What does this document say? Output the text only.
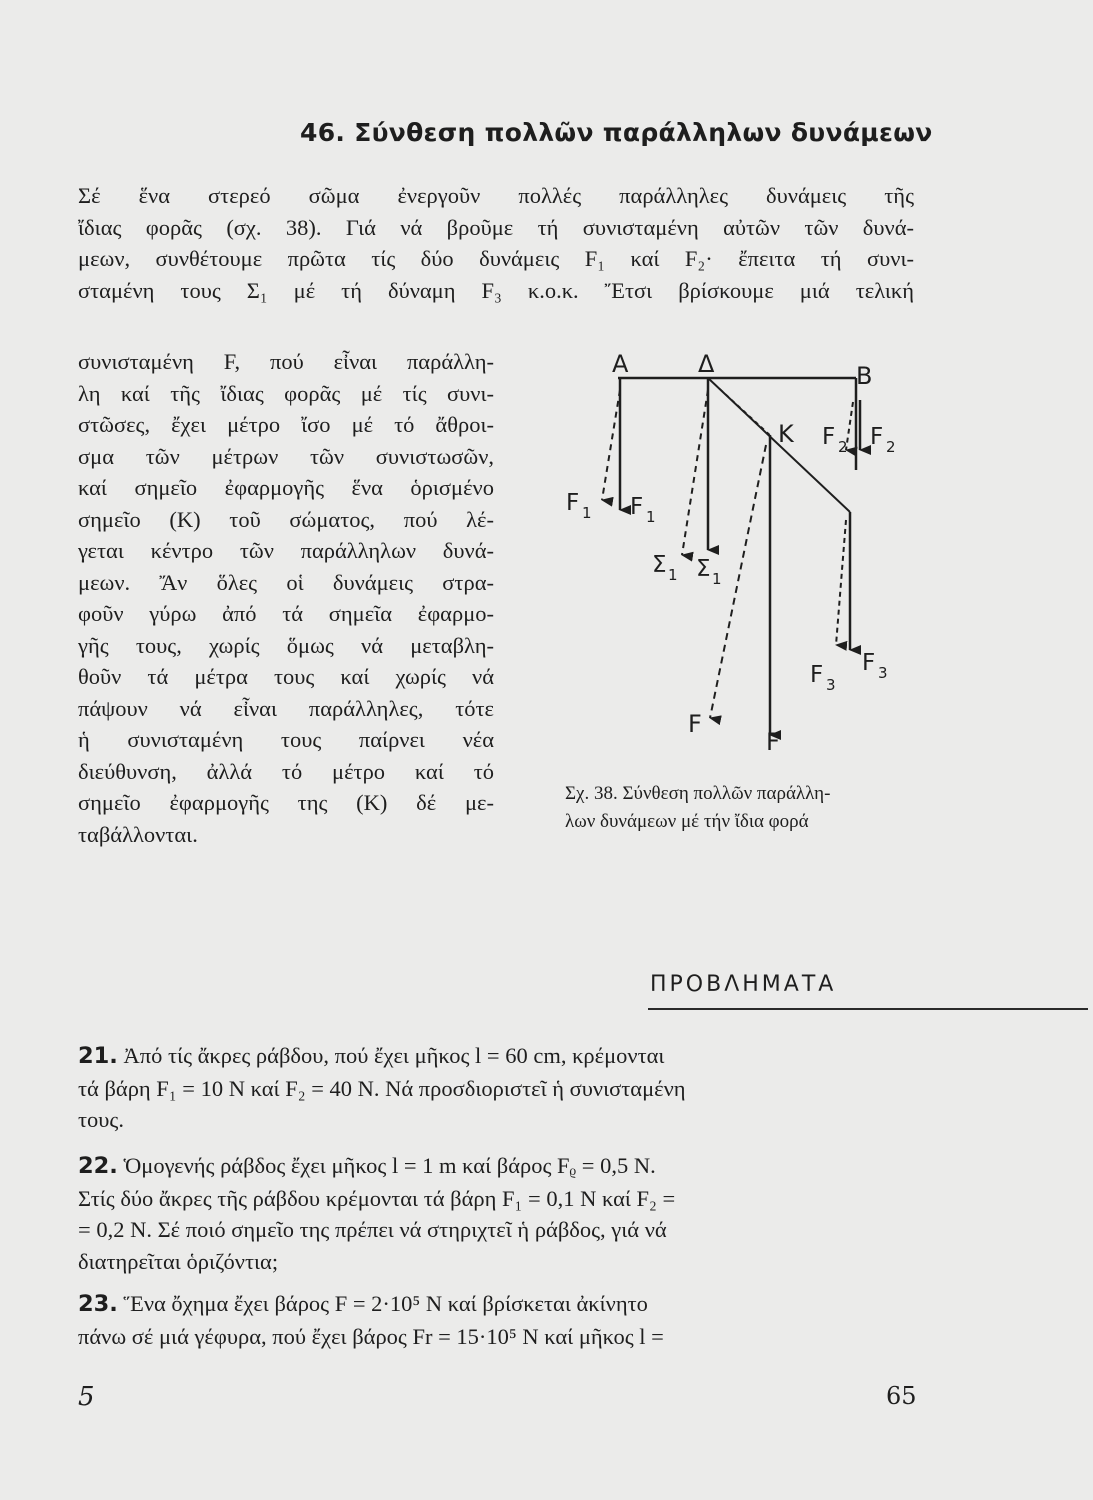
46. Σύνθεση πολλῶν παράλληλων δυνάμεων
Σέ ἕνα στερεό σῶμα ἐνεργοῦν πολλές παράλληλες δυνάμεις τῆς
ἴδιας φορᾶς (σχ. 38). Γιά νά βροῦμε τή συνισταμένη αὐτῶν τῶν δυνά-
μεων, συνθέτουμε πρῶτα τίς δύο δυνάμεις F₁ καί F₂· ἔπειτα τή συνι-
σταμένη τους Σ₁ μέ τή δύναμη F₃ κ.ο.κ. Ἔτσι βρίσκουμε μιά τελική
συνισταμένη F, πού εἶναι παράλλη-
λη καί τῆς ἴδιας φορᾶς μέ τίς συνι-
στῶσες, ἔχει μέτρο ἴσο μέ τό ἄθροι-
σμα τῶν μέτρων τῶν συνιστωσῶν,
καί σημεῖο ἐφαρμογῆς ἕνα ὁρισμένο
σημεῖο (K) τοῦ σώματος, πού λέ-
γεται κέντρο τῶν παράλληλων δυνά-
μεων. Ἄν ὅλες οἱ δυνάμεις στρα-
φοῦν γύρω ἀπό τά σημεῖα ἐφαρμο-
γῆς τους, χωρίς ὅμως νά μεταβλη-
θοῦν τά μέτρα τους καί χωρίς νά
πάψουν νά εἶναι παράλληλες, τότε
ἡ συνισταμένη τους παίρνει νέα
διεύθυνση, ἀλλά τό μέτρο καί τό
σημεῖο ἐφαρμογῆς της (K) δέ με-
ταβάλλονται.
A	Δ	B
K
F 1 F 1
F 2 F 2
Σ 1 Σ 1
F 3
F 3
F
F
Σχ. 38. Σύνθεση πολλῶν παράλλη-
λων δυνάμεων μέ τήν ἴδια φορά
ΠΡΟΒΛΗΜΑΤΑ
21. Ἀπό τίς ἄκρες ράβδου, πού ἔχει μῆκος l = 60 cm, κρέμονται
τά βάρη F₁ = 10 N καί F₂ = 40 N. Νά προσδιοριστεῖ ἡ συνισταμένη
τους.
22. Ὁμογενής ράβδος ἔχει μῆκος l = 1 m καί βάρος Fᵨ = 0,5 N.
Στίς δύο ἄκρες τῆς ράβδου κρέμονται τά βάρη F₁ = 0,1 N καί F₂ =
= 0,2 N. Σέ ποιό σημεῖο της πρέπει νά στηριχτεῖ ἡ ράβδος, γιά νά
διατηρεῖται ὁριζόντια;
23. Ἕνα ὄχημα ἔχει βάρος F = 2·10⁵ N καί βρίσκεται ἀκίνητο
πάνω σέ μιά γέφυρα, πού ἔχει βάρος Fr = 15·10⁵ N καί μῆκος l =
5	65
